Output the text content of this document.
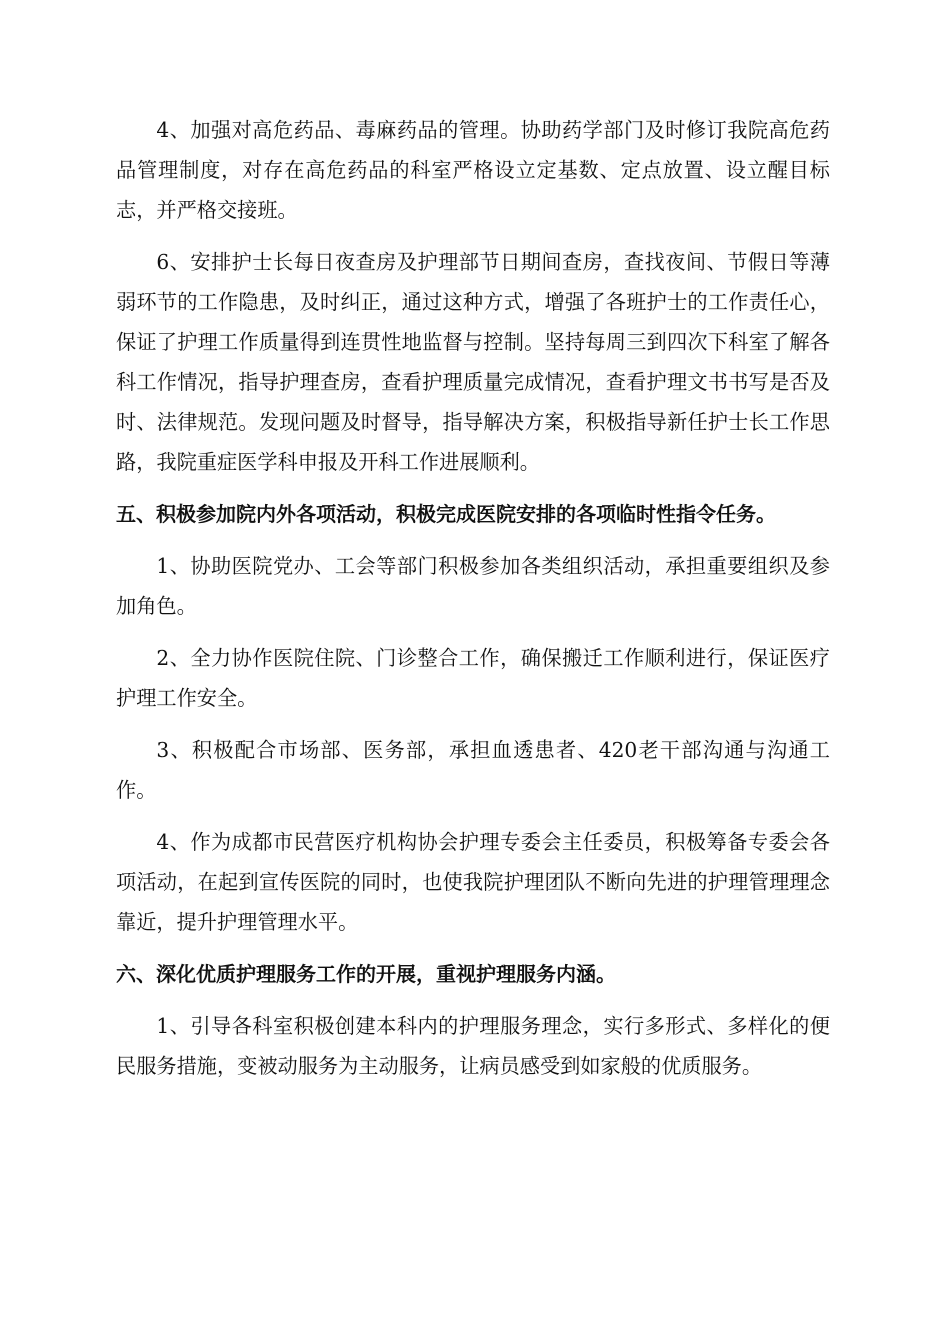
4、加强对高危药品、毒麻药品的管理。协助药学部门及时修订我院高危药品管理制度，对存在高危药品的科室严格设立定基数、定点放置、设立醒目标志，并严格交接班。

6、安排护士长每日夜查房及护理部节日期间查房，查找夜间、节假日等薄弱环节的工作隐患，及时纠正，通过这种方式，增强了各班护士的工作责任心，保证了护理工作质量得到连贯性地监督与控制。坚持每周三到四次下科室了解各科工作情况，指导护理查房，查看护理质量完成情况，查看护理文书书写是否及时、法律规范。发现问题及时督导，指导解决方案，积极指导新任护士长工作思路，我院重症医学科申报及开科工作进展顺利。

五、积极参加院内外各项活动，积极完成医院安排的各项临时性指令任务。

1、协助医院党办、工会等部门积极参加各类组织活动，承担重要组织及参加角色。

2、全力协作医院住院、门诊整合工作，确保搬迁工作顺利进行，保证医疗护理工作安全。

3、积极配合市场部、医务部，承担血透患者、420老干部沟通与沟通工作。

4、作为成都市民营医疗机构协会护理专委会主任委员，积极筹备专委会各项活动，在起到宣传医院的同时，也使我院护理团队不断向先进的护理管理理念靠近，提升护理管理水平。

六、深化优质护理服务工作的开展，重视护理服务内涵。

1、引导各科室积极创建本科内的护理服务理念，实行多形式、多样化的便民服务措施，变被动服务为主动服务，让病员感受到如家般的优质服务。
